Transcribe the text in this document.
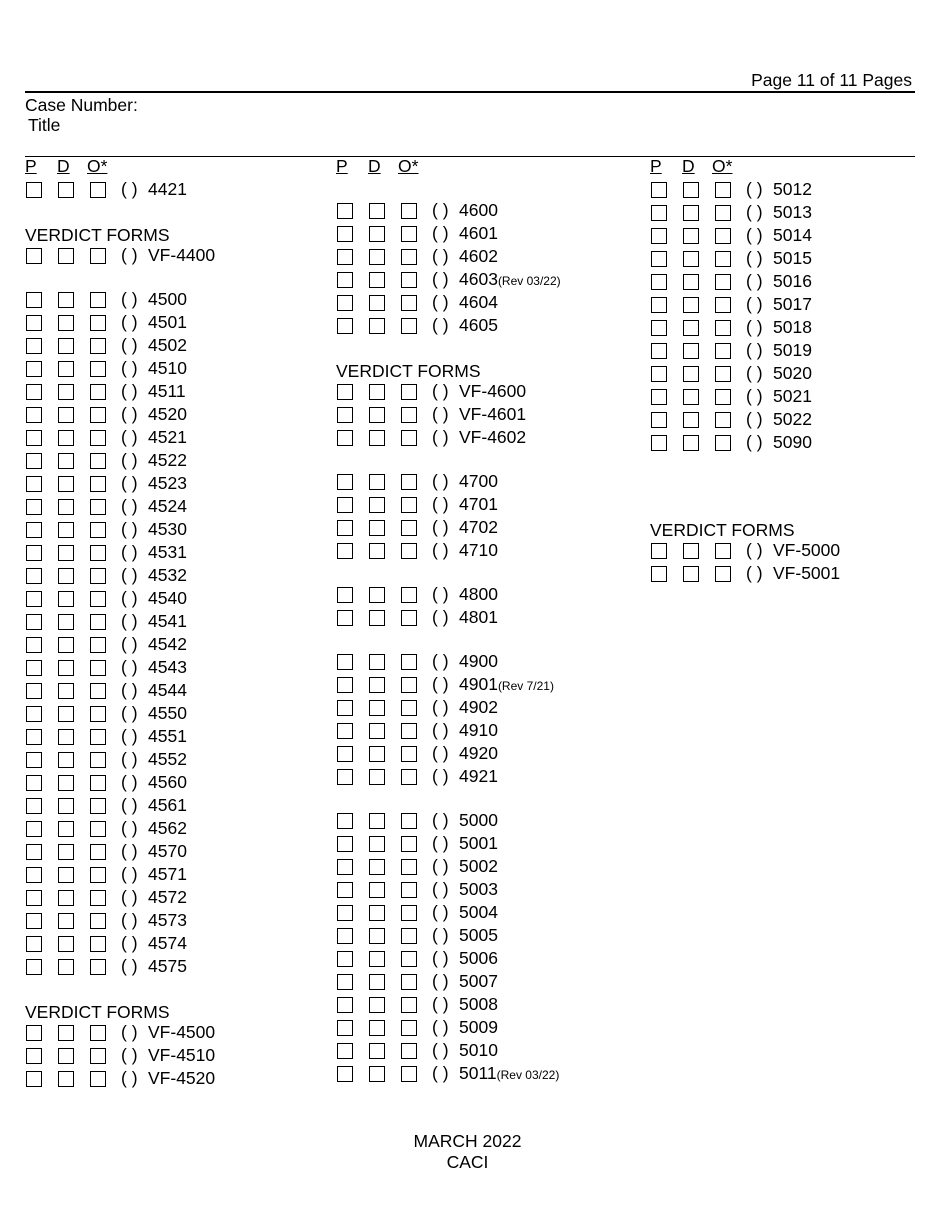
Page 11 of 11 Pages
Case Number:
Title
P D O*
( ) 4421
VERDICT FORMS
( ) VF-4400
( ) 4500
( ) 4501
( ) 4502
( ) 4510
( ) 4511
( ) 4520
( ) 4521
( ) 4522
( ) 4523
( ) 4524
( ) 4530
( ) 4531
( ) 4532
( ) 4540
( ) 4541
( ) 4542
( ) 4543
( ) 4544
( ) 4550
( ) 4551
( ) 4552
( ) 4560
( ) 4561
( ) 4562
( ) 4570
( ) 4571
( ) 4572
( ) 4573
( ) 4574
( ) 4575
VERDICT FORMS
( ) VF-4500
( ) VF-4510
( ) VF-4520
P D O*
( ) 4600
( ) 4601
( ) 4602
( ) 4603(Rev 03/22)
( ) 4604
( ) 4605
VERDICT FORMS
( ) VF-4600
( ) VF-4601
( ) VF-4602
( ) 4700
( ) 4701
( ) 4702
( ) 4710
( ) 4800
( ) 4801
( ) 4900
( ) 4901(Rev 7/21)
( ) 4902
( ) 4910
( ) 4920
( ) 4921
( ) 5000
( ) 5001
( ) 5002
( ) 5003
( ) 5004
( ) 5005
( ) 5006
( ) 5007
( ) 5008
( ) 5009
( ) 5010
( ) 5011(Rev 03/22)
P D O*
( ) 5012
( ) 5013
( ) 5014
( ) 5015
( ) 5016
( ) 5017
( ) 5018
( ) 5019
( ) 5020
( ) 5021
( ) 5022
( ) 5090
VERDICT FORMS
( ) VF-5000
( ) VF-5001
MARCH 2022
CACI
